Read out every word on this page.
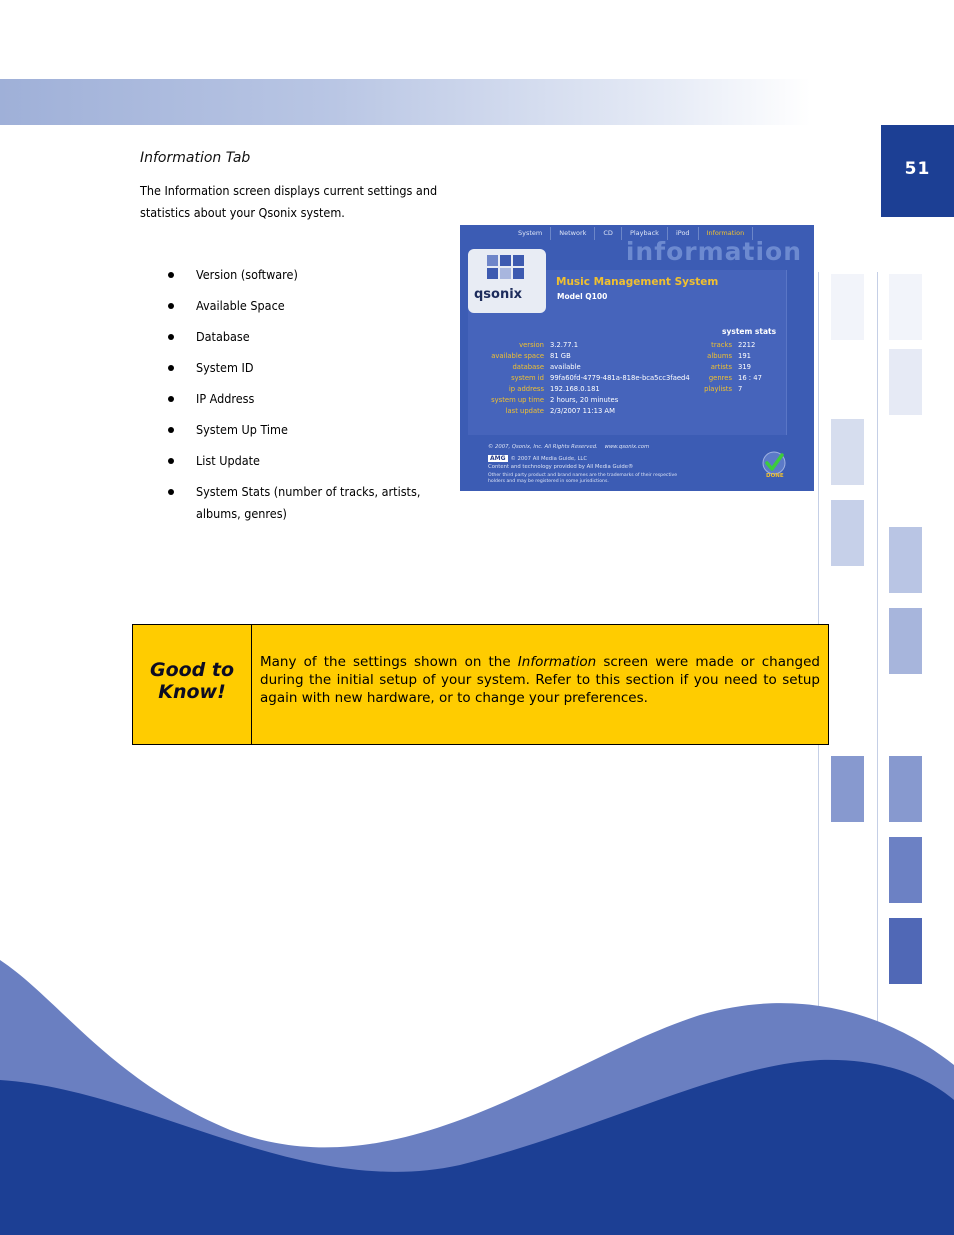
51
Information Tab
The Information screen displays current settings and statistics about your Qsonix system.
Version (software)
Available Space
Database
System ID
IP Address
System Up Time
List Update
System Stats (number of tracks, artists, albums, genres)
System	Network	CD	Playback	iPod	Information
information
qsonix
Music Management System
Model Q100
system stats
version 3.2.77.1
available space 81 GB
database available
system id 99fa60fd-4779-481a-818e-bca5cc3faed4
ip address 192.168.0.181
system up time 2 hours, 20 minutes
last update 2/3/2007 11:13 AM
tracks 2212
albums 191
artists 319
genres 16 : 47
playlists 7
© 2007, Qsonix, Inc. All Rights Reserved. www.qsonix.com
AMG © 2007 All Media Guide, LLC
Content and technology provided by All Media Guide®
Other third party product and brand names are the trademarks of their respective
holders and may be registered in some jurisdictions.
DONE
Good to
Know!
Many of the settings shown on the Information screen were made or changed during the initial setup of your system. Refer to this section if you need to setup again with new hardware, or to change your preferences.
